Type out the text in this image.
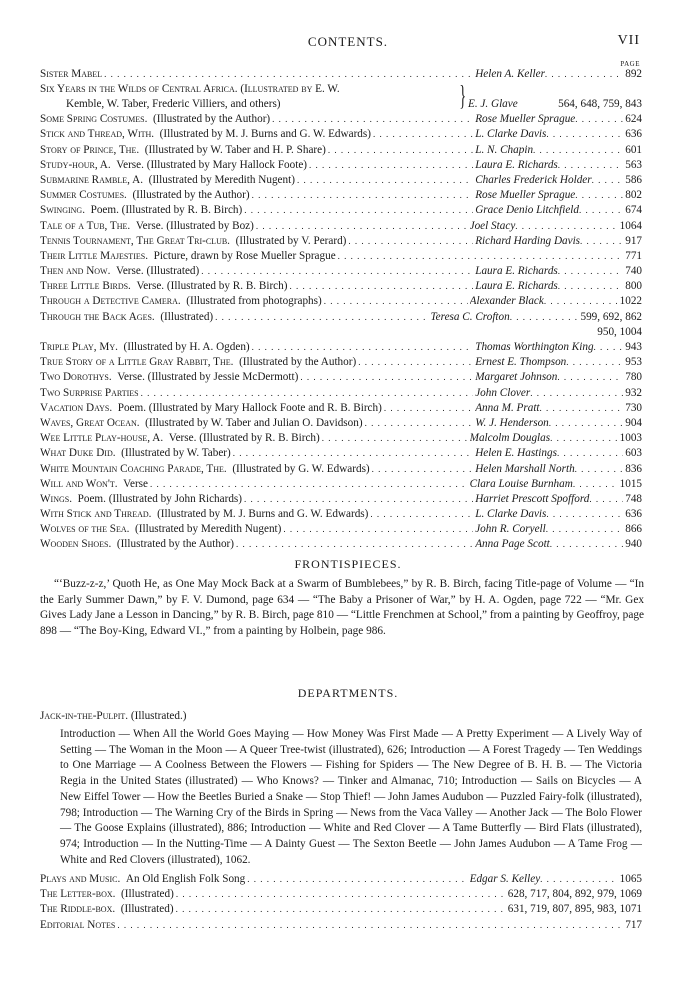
CONTENTS.	VII
PAGE
Sister Mabel . . .	Helen A. Keller . . .	892
Six Years in the Wilds of Central Africa. (Illustrated by E. W.
Kemble, W. Taber, Frederic Villiers, and others)	} E. J. Glave	564, 648, 759, 843
Some Spring Costumes. (Illustrated by the Author) . . .	Rose Mueller Sprague . . .	624
Stick and Thread, With. (Illustrated by M. J. Burns and G. W. Edwards) . . .	L. Clarke Davis . . .	636
Story of Prince, The. (Illustrated by W. Taber and H. P. Share) . . .	L. N. Chapin . . .	601
Study-hour, A. Verse. (Illustrated by Mary Hallock Foote) . . .	Laura E. Richards . . .	563
Submarine Ramble, A. (Illustrated by Meredith Nugent) . . .	Charles Frederick Holder . . .	586
Summer Costumes. (Illustrated by the Author) . . .	Rose Mueller Sprague . . .	802
Swinging. Poem. (Illustrated by R. B. Birch) . . .	Grace Denio Litchfield . . .	674
Tale of a Tub, The. Verse. (Illustrated by Boz) . . .	Joel Stacy . . .	1064
Tennis Tournament, The Great Tri-club. (Illustrated by V. Perard) . . .	Richard Harding Davis . . .	917
Their Little Majesties. Picture, drawn by Rose Mueller Sprague . . .	771
Then and Now. Verse. (Illustrated) . . .	Laura E. Richards . . .	740
Three Little Birds. Verse. (Illustrated by R. B. Birch) . . .	Laura E. Richards . . .	800
Through a Detective Camera. (Illustrated from photographs) . . .	Alexander Black . . .	1022
Through the Back Ages. (Illustrated) . . .	Teresa C. Crofton . . .	599, 692, 862
950, 1004
Triple Play, My. (Illustrated by H. A. Ogden) . . .	Thomas Worthington King . . .	943
True Story of a Little Gray Rabbit, The. (Illustrated by the Author) . . .	Ernest E. Thompson . . .	953
Two Dorothys. Verse. (Illustrated by Jessie McDermott) . . .	Margaret Johnson . . .	780
Two Surprise Parties . . .	John Clover . . .	932
Vacation Days. Poem. (Illustrated by Mary Hallock Foote and R. B. Birch) . . .	Anna M. Pratt . . .	730
Waves, Great Ocean. (Illustrated by W. Taber and Julian O. Davidson) . . .	W. J. Henderson . . .	904
Wee Little Play-house, A. Verse. (Illustrated by R. B. Birch) . . .	Malcolm Douglas . . .	1003
What Duke Did. (Illustrated by W. Taber) . . .	Helen E. Hastings . . .	603
White Mountain Coaching Parade, The. (Illustrated by G. W. Edwards) . . .	Helen Marshall North . . .	836
Will and Won't. Verse . . .	Clara Louise Burnham . . .	1015
Wings. Poem. (Illustrated by John Richards) . . .	Harriet Prescott Spofford . . .	748
With Stick and Thread. (Illustrated by M. J. Burns and G. W. Edwards) . . .	L. Clarke Davis . . .	636
Wolves of the Sea. (Illustrated by Meredith Nugent) . . .	John R. Coryell . . .	866
Wooden Shoes. (Illustrated by the Author) . . .	Anna Page Scott . . .	940
FRONTISPIECES.
“‘Buzz-z-z,’ Quoth He, as One May Mock Back at a Swarm of Bumblebees,” by R. B. Birch, facing Title-page of Volume — “In the Early Summer Dawn,” by F. V. Dumond, page 634 — “The Baby a Prisoner of War,” by H. A. Ogden, page 722 — “Mr. Gex Gives Lady Jane a Lesson in Dancing,” by R. B. Birch, page 810 — “Little Frenchmen at School,” from a painting by Geoffroy, page 898 — “The Boy-King, Edward VI.,” from a painting by Holbein, page 986.
DEPARTMENTS.
Jack-in-the-Pulpit. (Illustrated.)
Introduction — When All the World Goes Maying — How Money Was First Made — A Pretty Experiment — A Lively Way of Setting — The Woman in the Moon — A Queer Tree-twist (illustrated), 626; Introduction — A Forest Tragedy — Ten Weddings to One Marriage — A Coolness Between the Flowers — Fishing for Spiders — The New Degree of B. H. B. — The Victoria Regia in the United States (illustrated) — Who Knows? — Tinker and Almanac, 710; Introduction — Sails on Bicycles — A New Eiffel Tower — How the Beetles Buried a Snake — Stop Thief! — John James Audubon — Puzzled Fairy-folk (illustrated), 798; Introduction — The Warning Cry of the Birds in Spring — News from the Vaca Valley — Another Jack — The Bolo Flower — The Goose Explains (illustrated), 886; Introduction — White and Red Clover — A Tame Butterfly — Bird Flats (illustrated), 974; Introduction — In the Nutting-Time — A Dainty Guest — The Sexton Beetle — John James Audubon — A Tame Frog — White and Red Clovers (illustrated), 1062.
Plays and Music. An Old English Folk Song . . .	Edgar S. Kelley . . .	1065
The Letter-box. (Illustrated) . . .	628, 717, 804, 892, 979, 1069
The Riddle-box. (Illustrated) . . .	631, 719, 807, 895, 983, 1071
Editorial Notes . . .	717
